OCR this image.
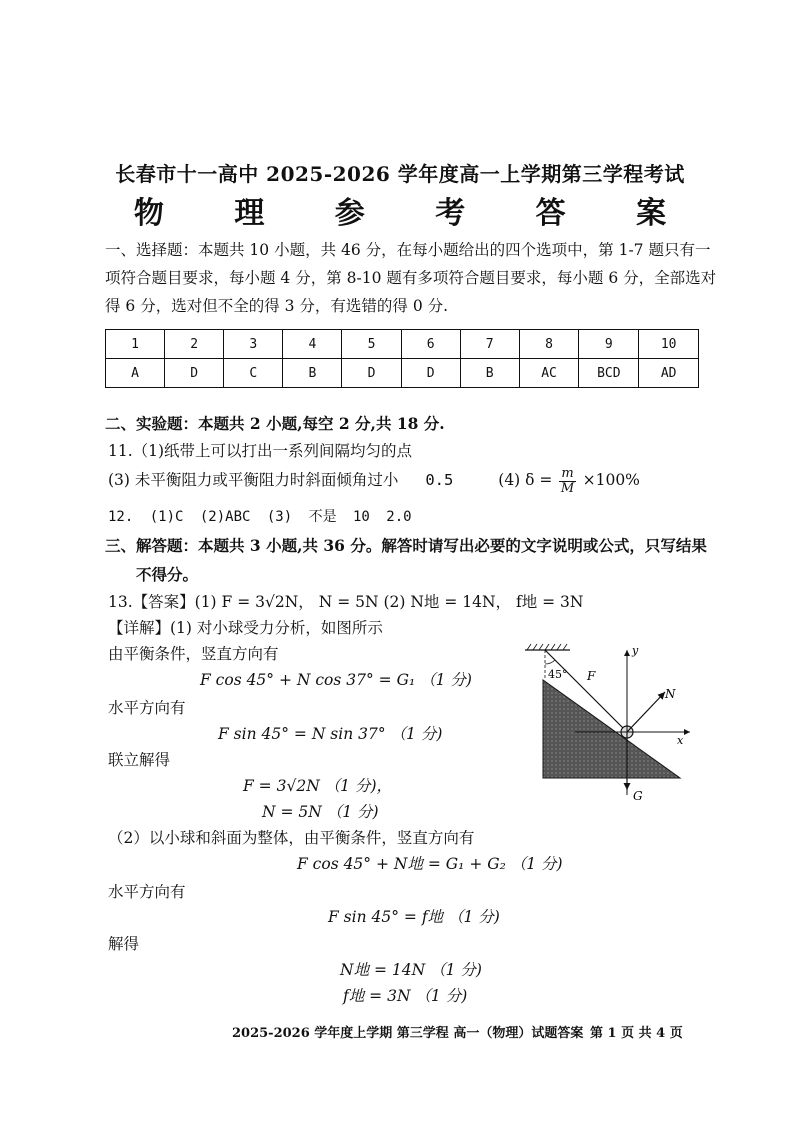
长春市十一高中 2025-2026 学年度高一上学期第三学程考试
物 理 参 考 答 案
一、选择题：本题共 10 小题，共 46 分，在每小题给出的四个选项中，第 1-7 题只有一
项符合题目要求，每小题 4 分，第 8-10 题有多项符合题目要求，每小题 6 分，全部选对
得 6 分，选对但不全的得 3 分，有选错的得 0 分.
1	2	3	4	5	6	7	8	9	10
A	D	C	B	D	D	B	AC	BCD	AD
二、实验题：本题共 2 小题,每空 2 分,共 18 分.
11.（1)纸带上可以打出一系列间隔均匀的点
(3) 未平衡阻力或平衡阻力时斜面倾角过小 0.5	(4) $\delta = \frac{m}{M} \times 100\%$
12. (1)C (2)ABC (3) 不是 10 2.0
三、解答题：本题共 3 小题,共 36 分。解答时请写出必要的文字说明或公式，只写结果
不得分。
13.【答案】(1) F = 3√2N， N = 5N (2) N地 = 14N， f地 = 3N
【详解】(1) 对小球受力分析，如图所示
由平衡条件，竖直方向有
F cos 45° + N cos 37° = G₁ （1 分)
水平方向有
F sin 45° = N sin 37° （1 分)
联立解得
F = 3√2N （1 分)，
N = 5N （1 分)
（2）以小球和斜面为整体，由平衡条件，竖直方向有
F cos 45° + N地 = G₁ + G₂ （1 分)
水平方向有
F sin 45° = f地 （1 分)
解得
N地 = 14N （1 分)
f地 = 3N （1 分)
45° F
N
G
y
x
2025-2026 学年度上学期 第三学程 高一（物理）试题答案 第 1 页 共 4 页
